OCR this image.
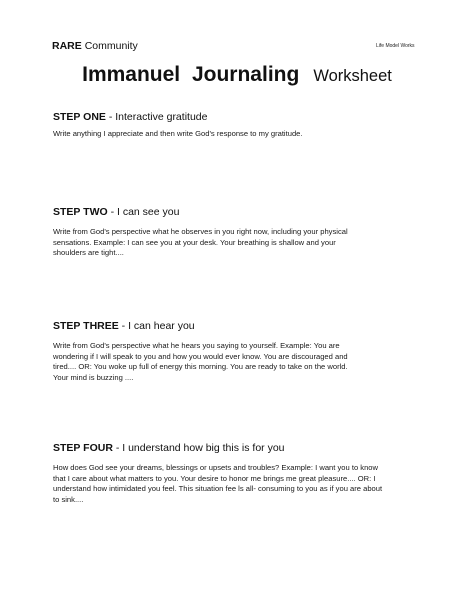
RARE Community	Life Model Works
Immanuel Journaling Worksheet
STEP ONE - Interactive gratitude
Write anything I appreciate and then write God's response to my gratitude.
STEP TWO - I can see you
Write from God's perspective what he observes in you right now, including your physical
sensations. Example: I can see you at your desk. Your breathing is shallow and your
shoulders are tight....
STEP THREE - I can hear you
Write from God's perspective what he hears you saying to yourself. Example: You are
wondering if I will speak to you and how you would ever know. You are discouraged and
tired.... OR: You woke up full of energy this morning. You are ready to take on the world.
Your mind is buzzing ....
STEP FOUR - I understand how big this is for you
How does God see your dreams, blessings or upsets and troubles? Example: I want you to know
that I care about what matters to you. Your desire to honor me brings me great pleasure.... OR: I
understand how intimidated you feel. This situation fee ls all- consuming to you as if you are about
to sink....
